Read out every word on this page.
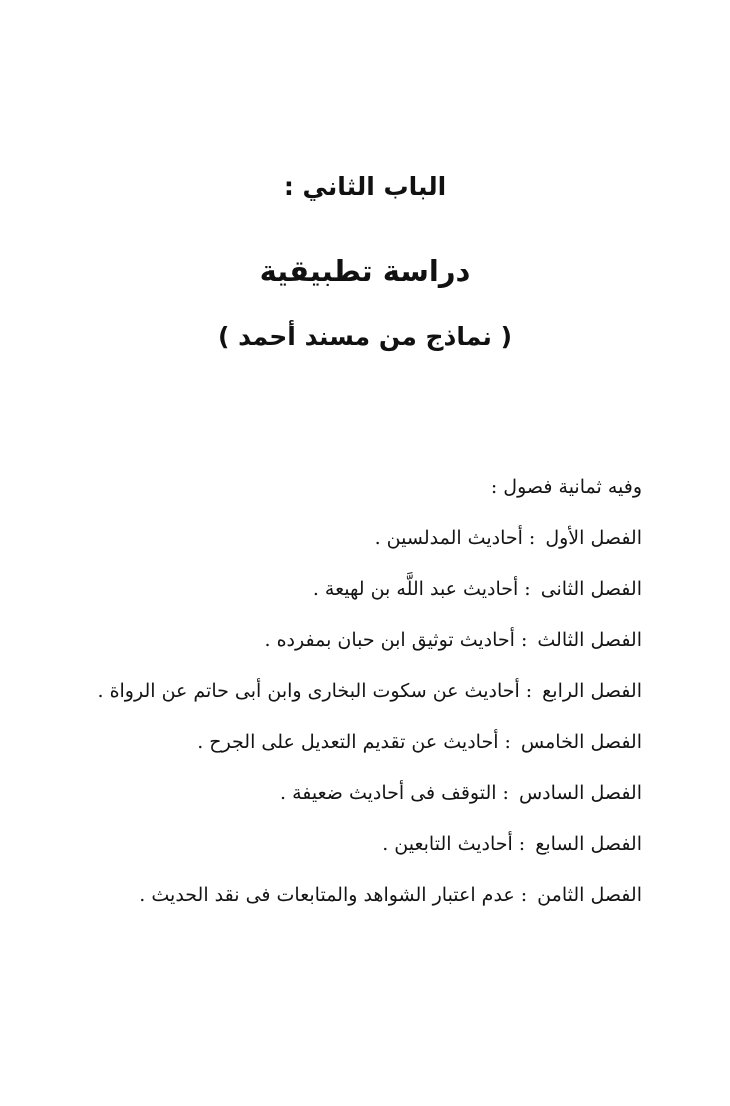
الباب الثاني :
دراسة تطبيقية
( نماذج من مسند أحمد )
وفيه ثمانية فصول :
الفصل الأول:أحاديث المدلسين .
الفصل الثانى:أحاديث عبد اللَّه بن لهيعة .
الفصل الثالث:أحاديث توثيق ابن حبان بمفرده .
الفصل الرابع:أحاديث عن سكوت البخارى وابن أبى حاتم عن الرواة .
الفصل الخامس:أحاديث عن تقديم التعديل على الجرح .
الفصل السادس:التوقف فى أحاديث ضعيفة .
الفصل السابع:أحاديث التابعين .
الفصل الثامن:عدم اعتبار الشواهد والمتابعات فى نقد الحديث .
